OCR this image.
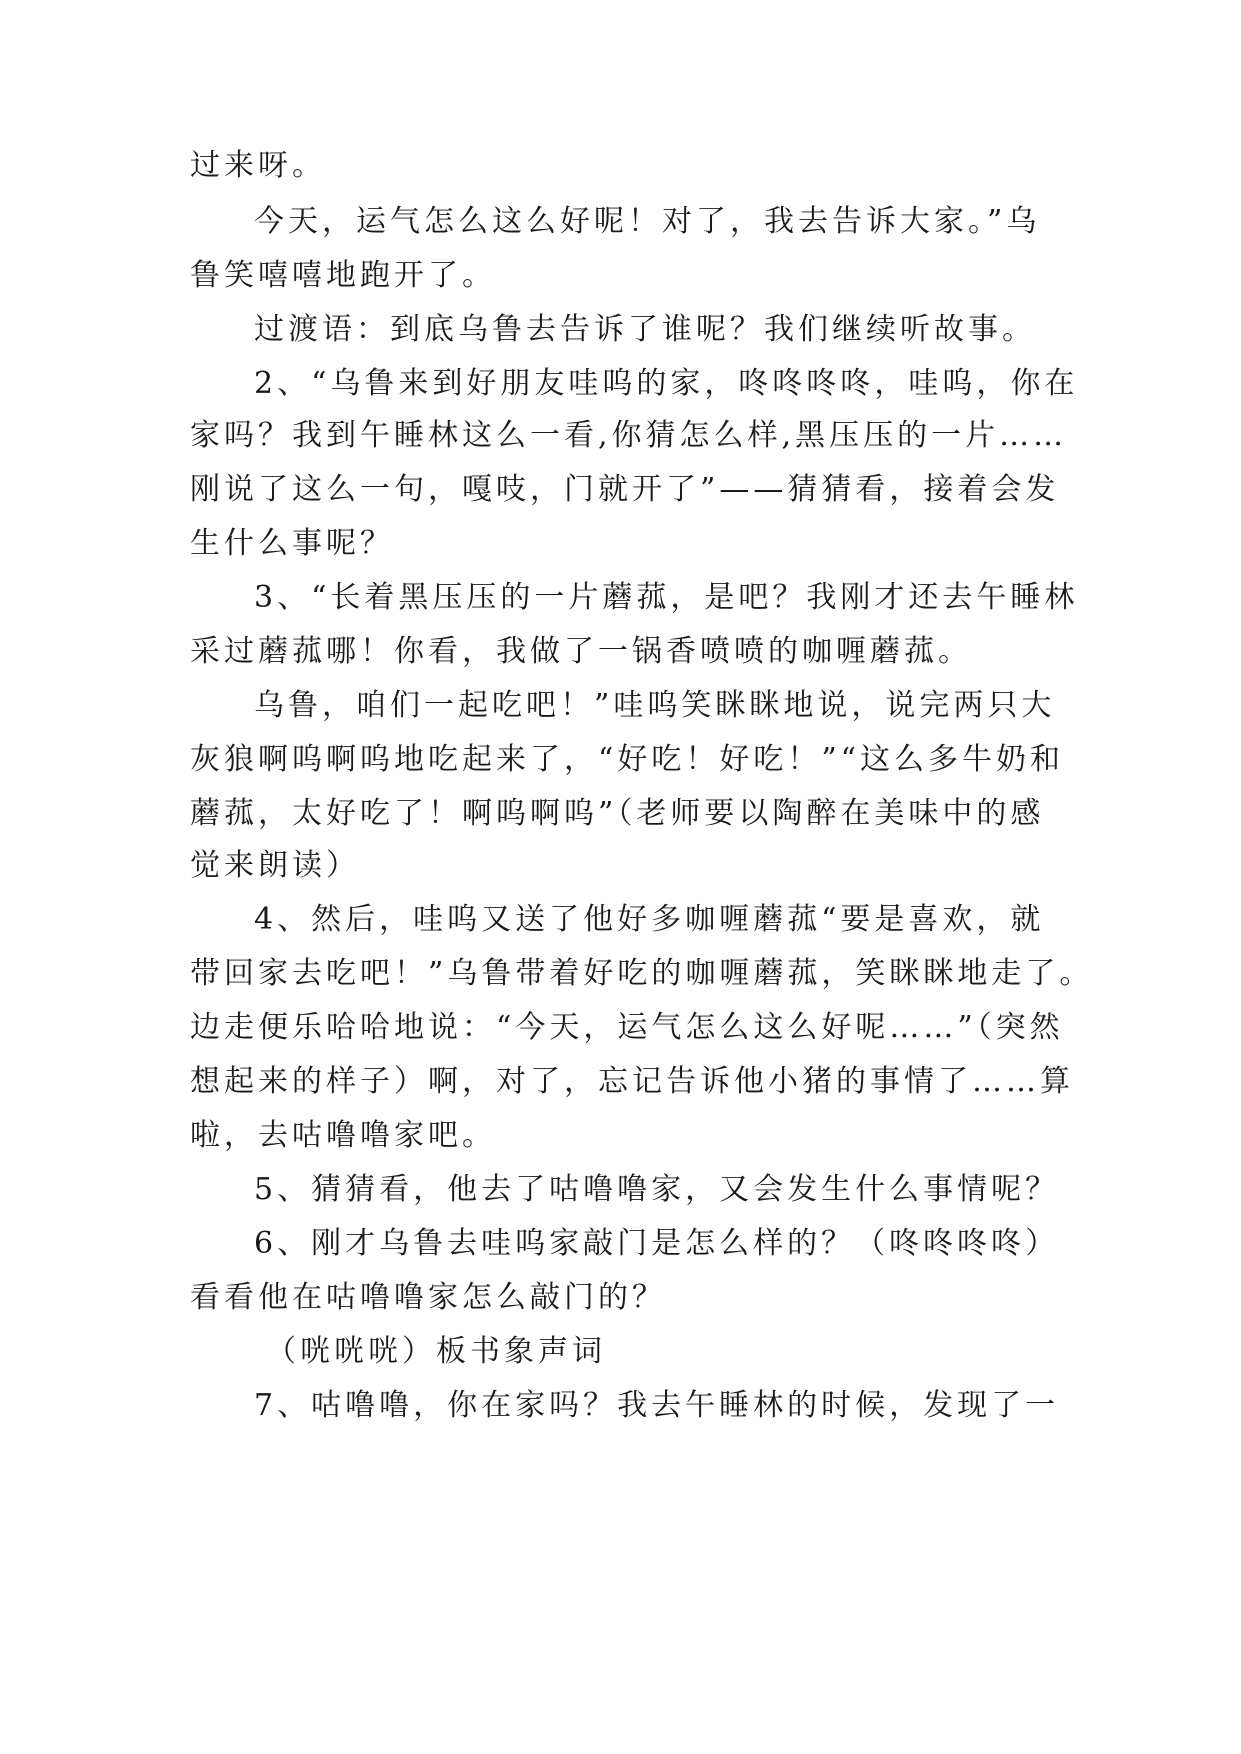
过来呀。
今天，运气怎么这么好呢！对了，我去告诉大家。”乌
鲁笑嘻嘻地跑开了。
过渡语：到底乌鲁去告诉了谁呢？我们继续听故事。
2、“乌鲁来到好朋友哇呜的家，咚咚咚咚，哇呜，你在
家吗？我到午睡林这么一看,你猜怎么样,黑压压的一片……
刚说了这么一句，嘎吱，门就开了”——猜猜看，接着会发
生什么事呢？
3、“长着黑压压的一片蘑菰，是吧？我刚才还去午睡林
采过蘑菰哪！你看，我做了一锅香喷喷的咖喱蘑菰。
乌鲁，咱们一起吃吧！”哇呜笑眯眯地说，说完两只大
灰狼啊呜啊呜地吃起来了，“好吃！好吃！”“这么多牛奶和
蘑菰，太好吃了！啊呜啊呜”（老师要以陶醉在美味中的感
觉来朗读）
4、然后，哇呜又送了他好多咖喱蘑菰“要是喜欢，就
带回家去吃吧！”乌鲁带着好吃的咖喱蘑菰，笑眯眯地走了。
边走便乐哈哈地说：“今天，运气怎么这么好呢……”（突然
想起来的样子）啊，对了，忘记告诉他小猪的事情了……算
啦，去咕噜噜家吧。
5、猜猜看，他去了咕噜噜家，又会发生什么事情呢？
6、刚才乌鲁去哇呜家敲门是怎么样的？（咚咚咚咚）
看看他在咕噜噜家怎么敲门的？
（咣咣咣）板书象声词
7、咕噜噜，你在家吗？我去午睡林的时候，发现了一
